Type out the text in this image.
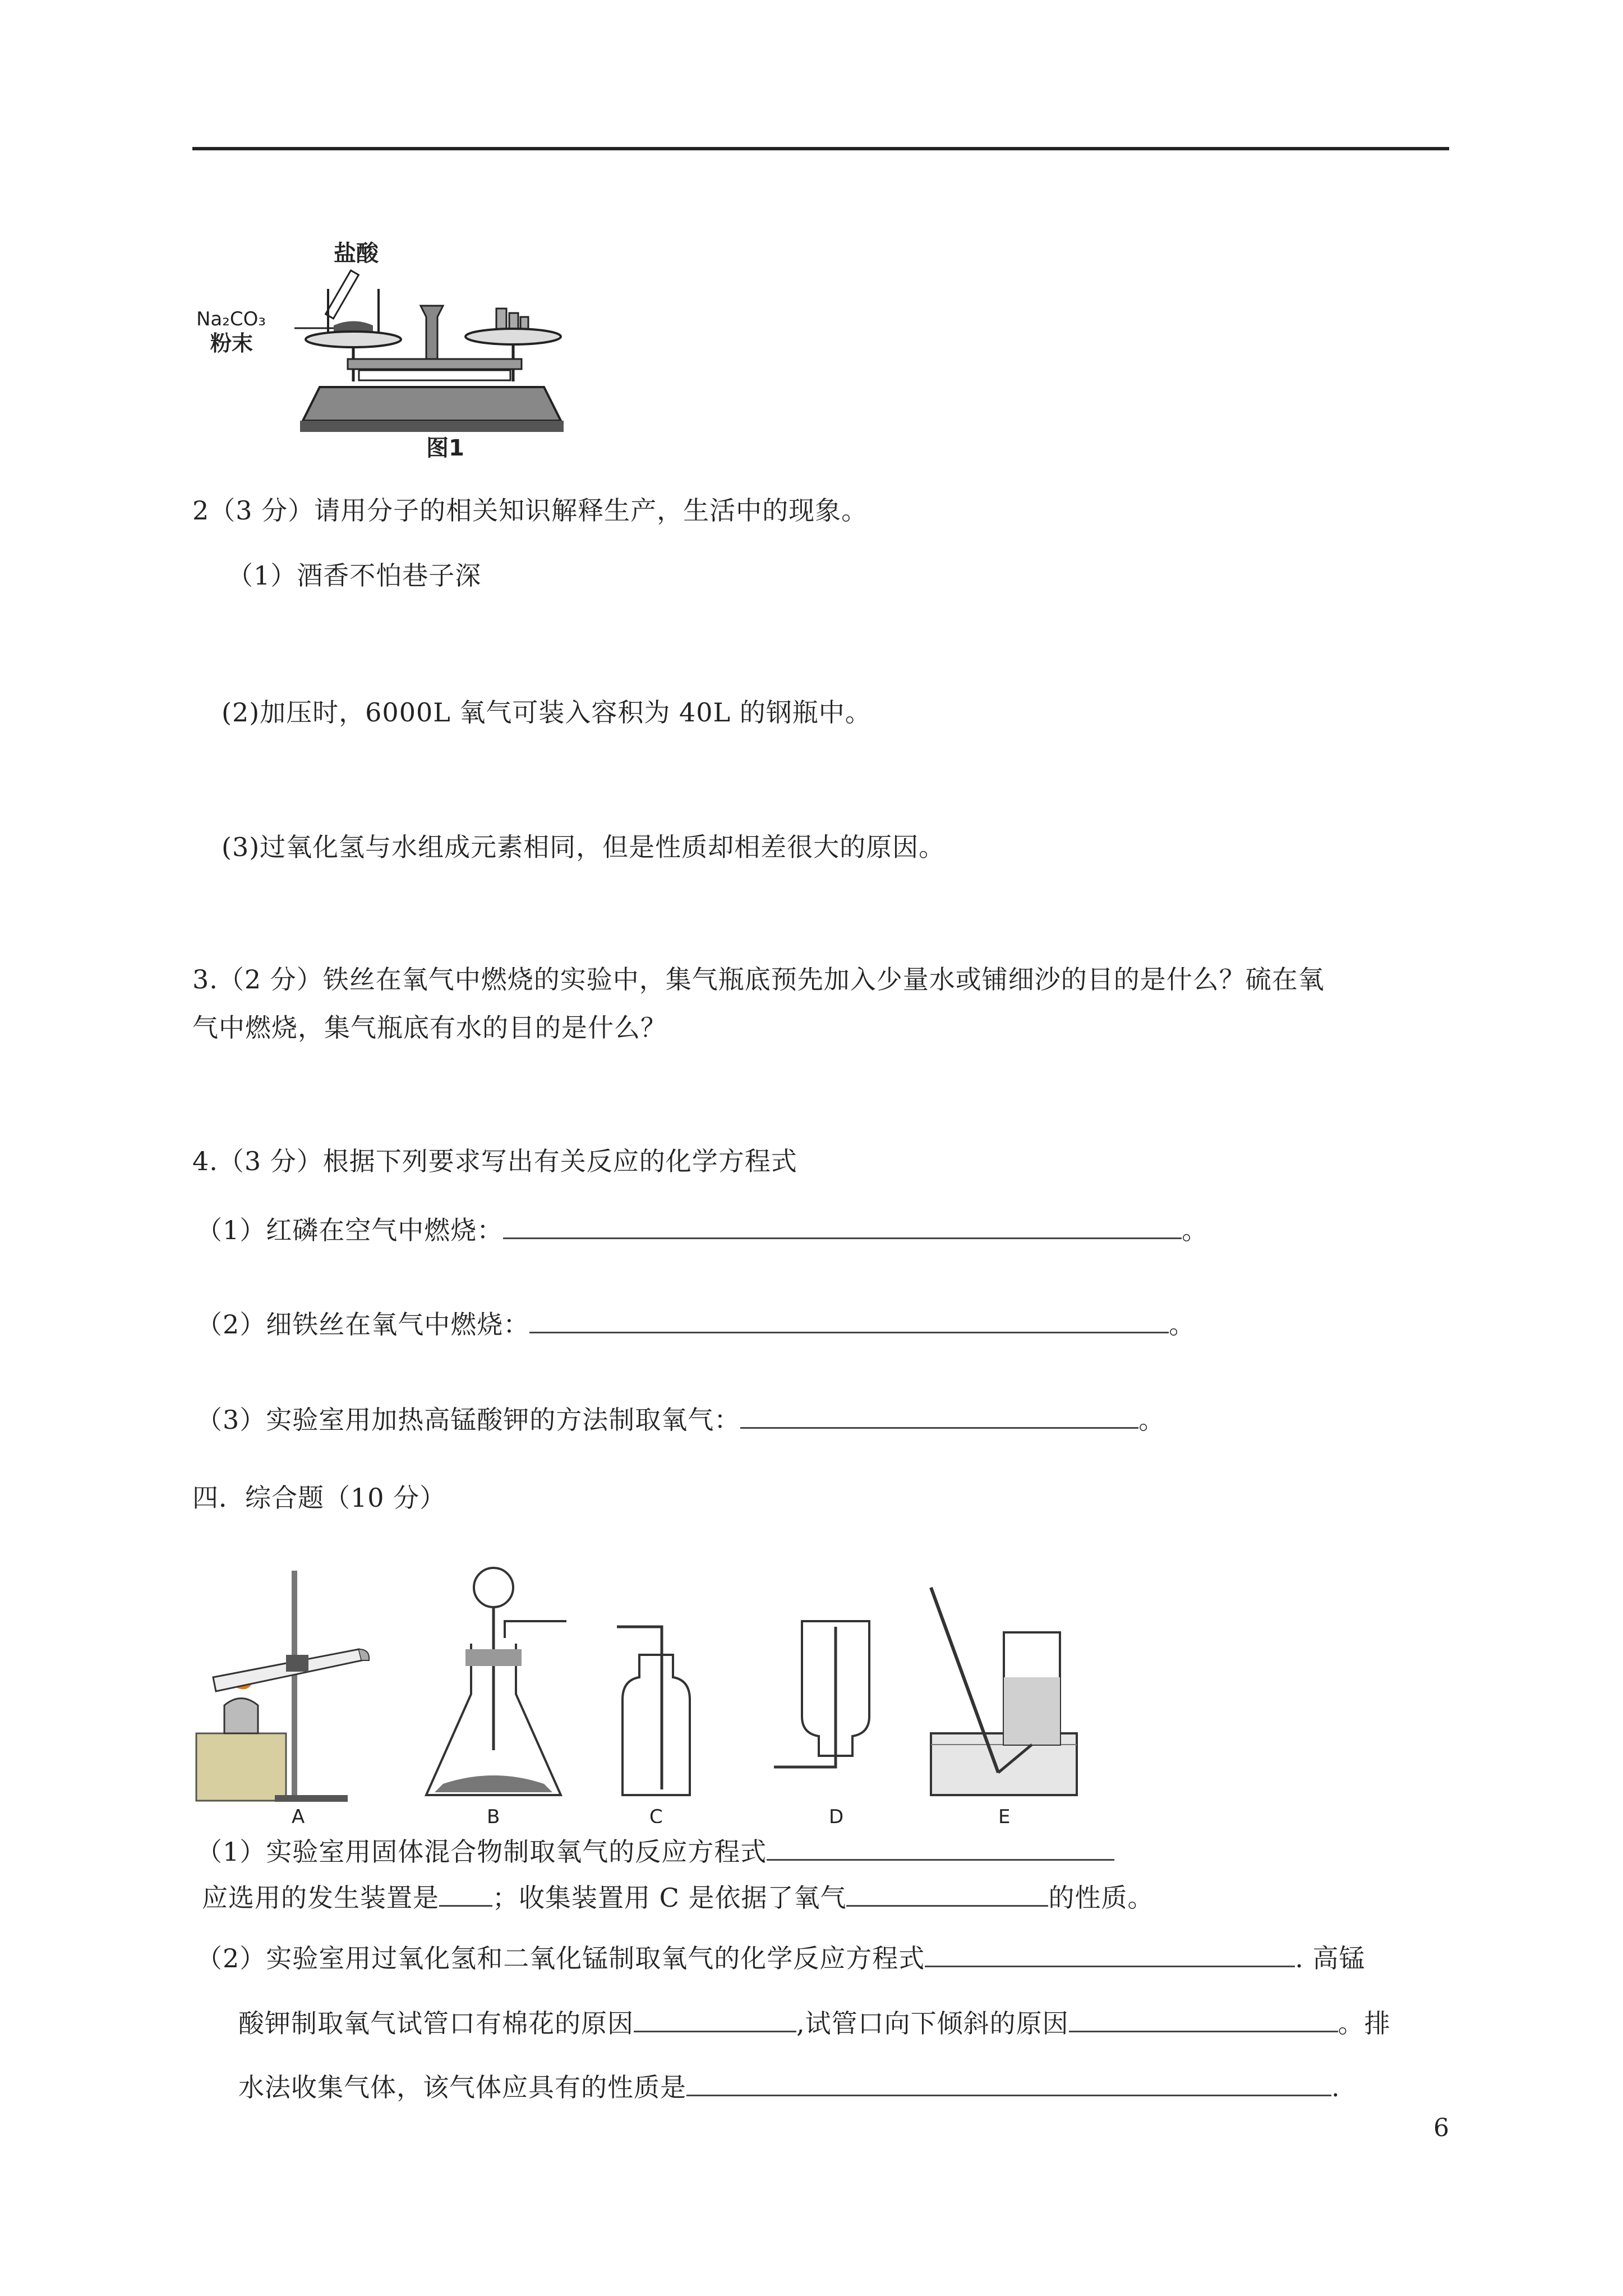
盐酸
Na₂CO₃
粉末
图1
2（3 分）请用分子的相关知识解释生产，生活中的现象。
（1）酒香不怕巷子深
(2)加压时，6000L 氧气可装入容积为 40L 的钢瓶中。
(3)过氧化氢与水组成元素相同，但是性质却相差很大的原因。
3.（2 分）铁丝在氧气中燃烧的实验中，集气瓶底预先加入少量水或铺细沙的目的是什么？硫在氧
气中燃烧，集气瓶底有水的目的是什么？
4.（3 分）根据下列要求写出有关反应的化学方程式
（1）红磷在空气中燃烧：	。
（2）细铁丝在氧气中燃烧：	。
（3）实验室用加热高锰酸钾的方法制取氧气：	。
四．综合题（10 分）
A	B	C	D	E
（1）实验室用固体混合物制取氧气的反应方程式
应选用的发生装置是 ；收集装置用 C 是依据了氧气	的性质。
（2）实验室用过氧化氢和二氧化锰制取氧气的化学反应方程式	. 高锰
酸钾制取氧气试管口有棉花的原因	,试管口向下倾斜的原因	。排
水法收集气体，该气体应具有的性质是	.
6
